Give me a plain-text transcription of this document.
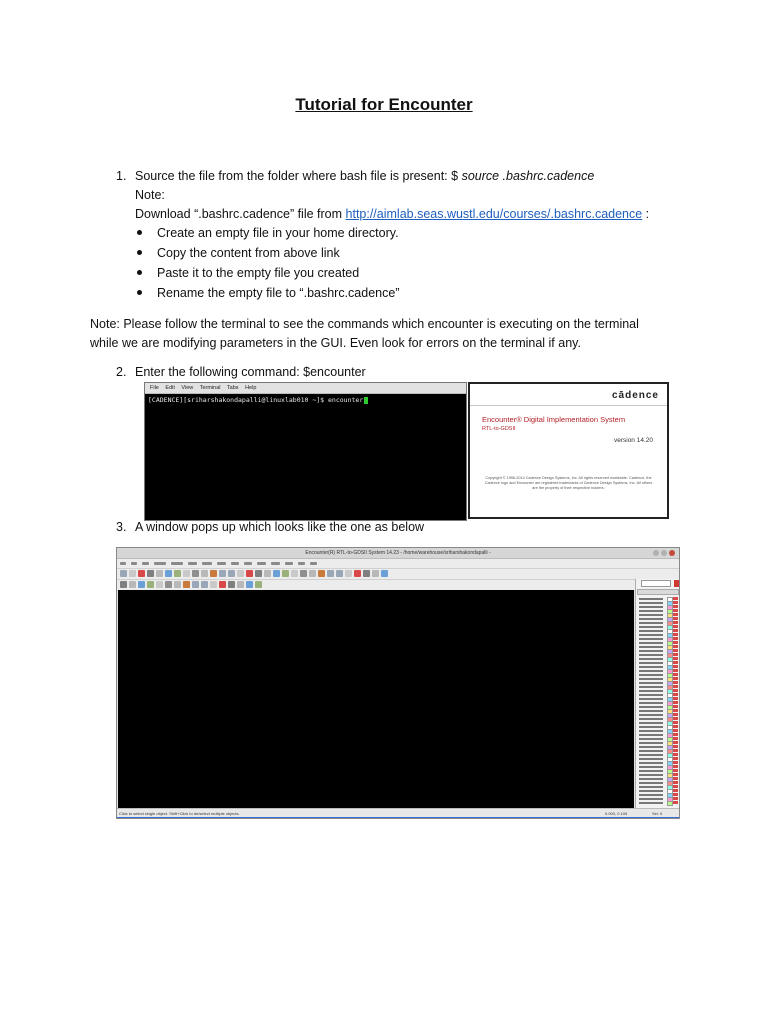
Tutorial for Encounter
1. Source the file from the folder where bash file is present: $ source .bashrc.cadence
Note:
Download “.bashrc.cadence” file from http://aimlab.seas.wustl.edu/courses/.bashrc.cadence :
Create an empty file in your home directory.
Copy the content from above link
Paste it to the empty file you created
Rename the empty file to “.bashrc.cadence”
Note: Please follow the terminal to see the commands which encounter is executing on the terminal
while we are modifying parameters in the GUI. Even look for errors on the terminal if any.
2. Enter the following command: $encounter
File Edit View Terminal Tabs Help
[CADENCE][sriharshakondapalli@linuxlab010 ~]$ encounter	cādence
Encounter® Digital Implementation System
RTL-to-GDSII
version 14.20
Copyright © 1996-2014 Cadence Design Systems, Inc. All rights reserved worldwide. Cadence, the Cadence logo and Encounter are registered trademarks of Cadence Design Systems, Inc. All others are the property of their respective holders.
3. A window pops up which looks like the one as below
Encounter(R) RTL-to-GDSII System 14.23 - /home/warehouse/sriharshakondapalli -
Click to select single object. Shift+Click to de/select multiple objects.	0.000, 0.105	Sel: 0
